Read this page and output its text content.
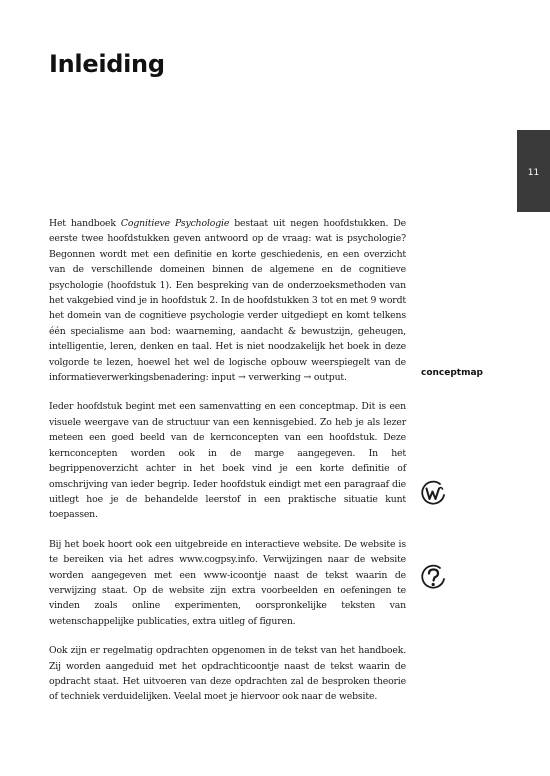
Inleiding
11

Het handboek Cognitieve Psychologie bestaat uit negen hoofdstukken. De eerste twee hoofdstukken geven antwoord op de vraag: wat is psychologie? Begonnen wordt met een definitie en korte geschiedenis, en een overzicht van de verschillende domeinen binnen de algemene en de cognitieve psychologie (hoofdstuk 1). Een bespreking van de onderzoeksmethoden van het vakgebied vind je in hoofdstuk 2. In de hoofdstukken 3 tot en met 9 wordt het domein van de cognitieve psychologie verder uitgediept en komt telkens één specialisme aan bod: waarneming, aandacht & bewustzijn, geheugen, intelligentie, leren, denken en taal. Het is niet noodzakelijk het boek in deze volgorde te lezen, hoewel het wel de logische opbouw weerspiegelt van de informatieverwerkingsbenadering: input → verwerking → output.

Ieder hoofdstuk begint met een samenvatting en een conceptmap. Dit is een visuele weergave van de structuur van een kennisgebied. Zo heb je als lezer meteen een goed beeld van de kernconcepten van een hoofdstuk. Deze kernconcepten worden ook in de marge aangegeven. In het begrippenoverzicht achter in het boek vind je een korte definitie of omschrijving van ieder begrip. Ieder hoofdstuk eindigt met een paragraaf die uitlegt hoe je de behandelde leerstof in een praktische situatie kunt toepassen.

Bij het boek hoort ook een uitgebreide en interactieve website. De website is te bereiken via het adres www.cogpsy.info. Verwijzingen naar de website worden aangegeven met een www-icoontje naast de tekst waarin de verwijzing staat. Op de website zijn extra voorbeelden en oefeningen te vinden zoals online experimenten, oorspronkelijke teksten van wetenschappelijke publicaties, extra uitleg of figuren.

Ook zijn er regelmatig opdrachten opgenomen in de tekst van het handboek. Zij worden aangeduid met het opdrachticoontje naast de tekst waarin de opdracht staat. Het uitvoeren van deze opdrachten zal de besproken theorie of techniek verduidelijken. Veelal moet je hiervoor ook naar de website.

conceptmap
